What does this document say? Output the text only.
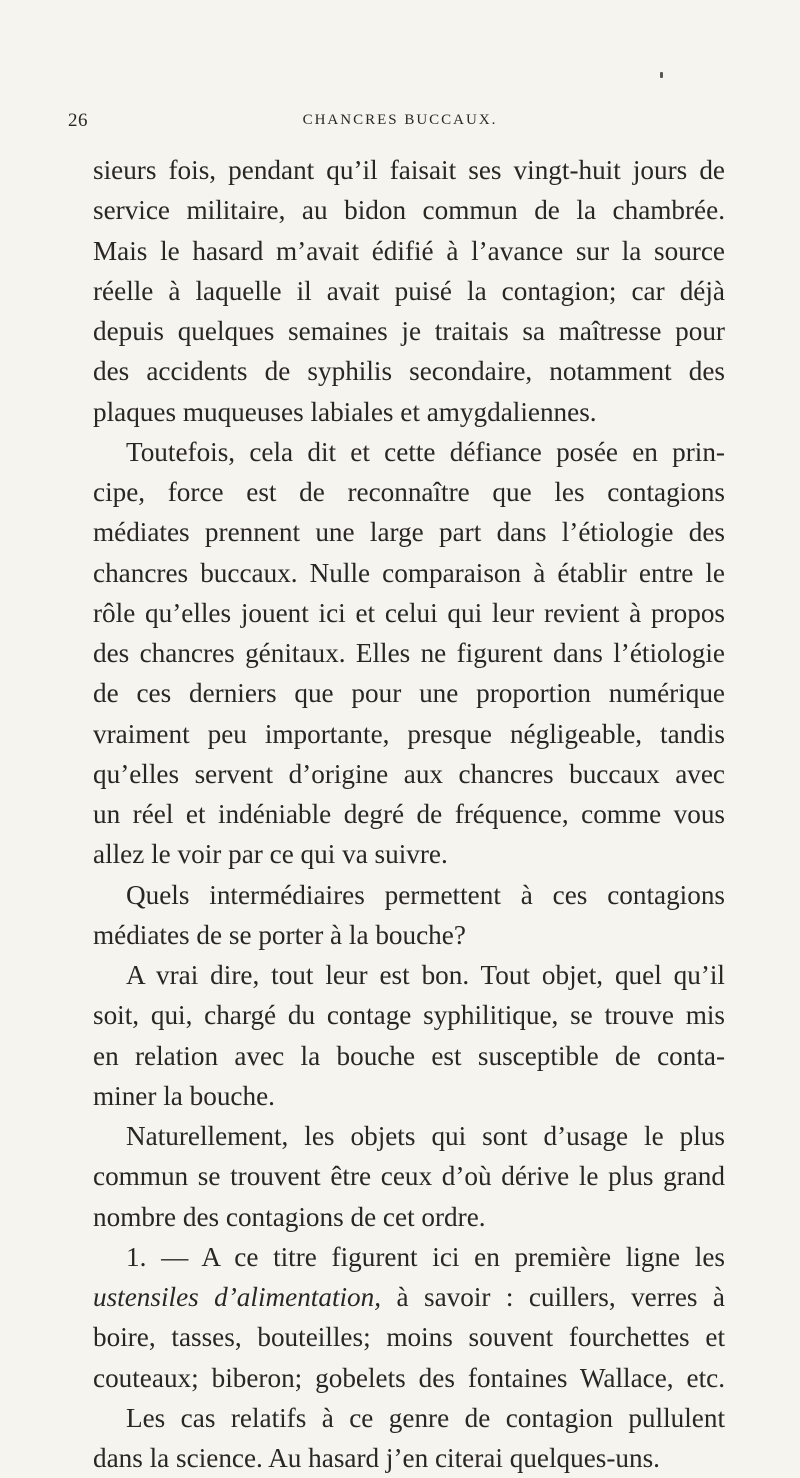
26	CHANCRES BUCCAUX.
sieurs fois, pendant qu’il faisait ses vingt-huit jours de
service militaire, au bidon commun de la chambrée.
Mais le hasard m’avait édifié à l’avance sur la source
réelle à laquelle il avait puisé la contagion; car déjà
depuis quelques semaines je traitais sa maîtresse pour
des accidents de syphilis secondaire, notamment des
plaques muqueuses labiales et amygdaliennes.
Toutefois, cela dit et cette défiance posée en prin-
cipe, force est de reconnaître que les contagions
médiates prennent une large part dans l’étiologie des
chancres buccaux. Nulle comparaison à établir entre le
rôle qu’elles jouent ici et celui qui leur revient à propos
des chancres génitaux. Elles ne figurent dans l’étiologie
de ces derniers que pour une proportion numérique
vraiment peu importante, presque négligeable, tandis
qu’elles servent d’origine aux chancres buccaux avec
un réel et indéniable degré de fréquence, comme vous
allez le voir par ce qui va suivre.
Quels intermédiaires permettent à ces contagions
médiates de se porter à la bouche?
A vrai dire, tout leur est bon. Tout objet, quel qu’il
soit, qui, chargé du contage syphilitique, se trouve mis
en relation avec la bouche est susceptible de conta-
miner la bouche.
Naturellement, les objets qui sont d’usage le plus
commun se trouvent être ceux d’où dérive le plus grand
nombre des contagions de cet ordre.
1. — A ce titre figurent ici en première ligne les
ustensiles d’alimentation, à savoir : cuillers, verres à
boire, tasses, bouteilles; moins souvent fourchettes et
couteaux; biberon; gobelets des fontaines Wallace, etc.
Les cas relatifs à ce genre de contagion pullulent
dans la science. Au hasard j’en citerai quelques-uns.
